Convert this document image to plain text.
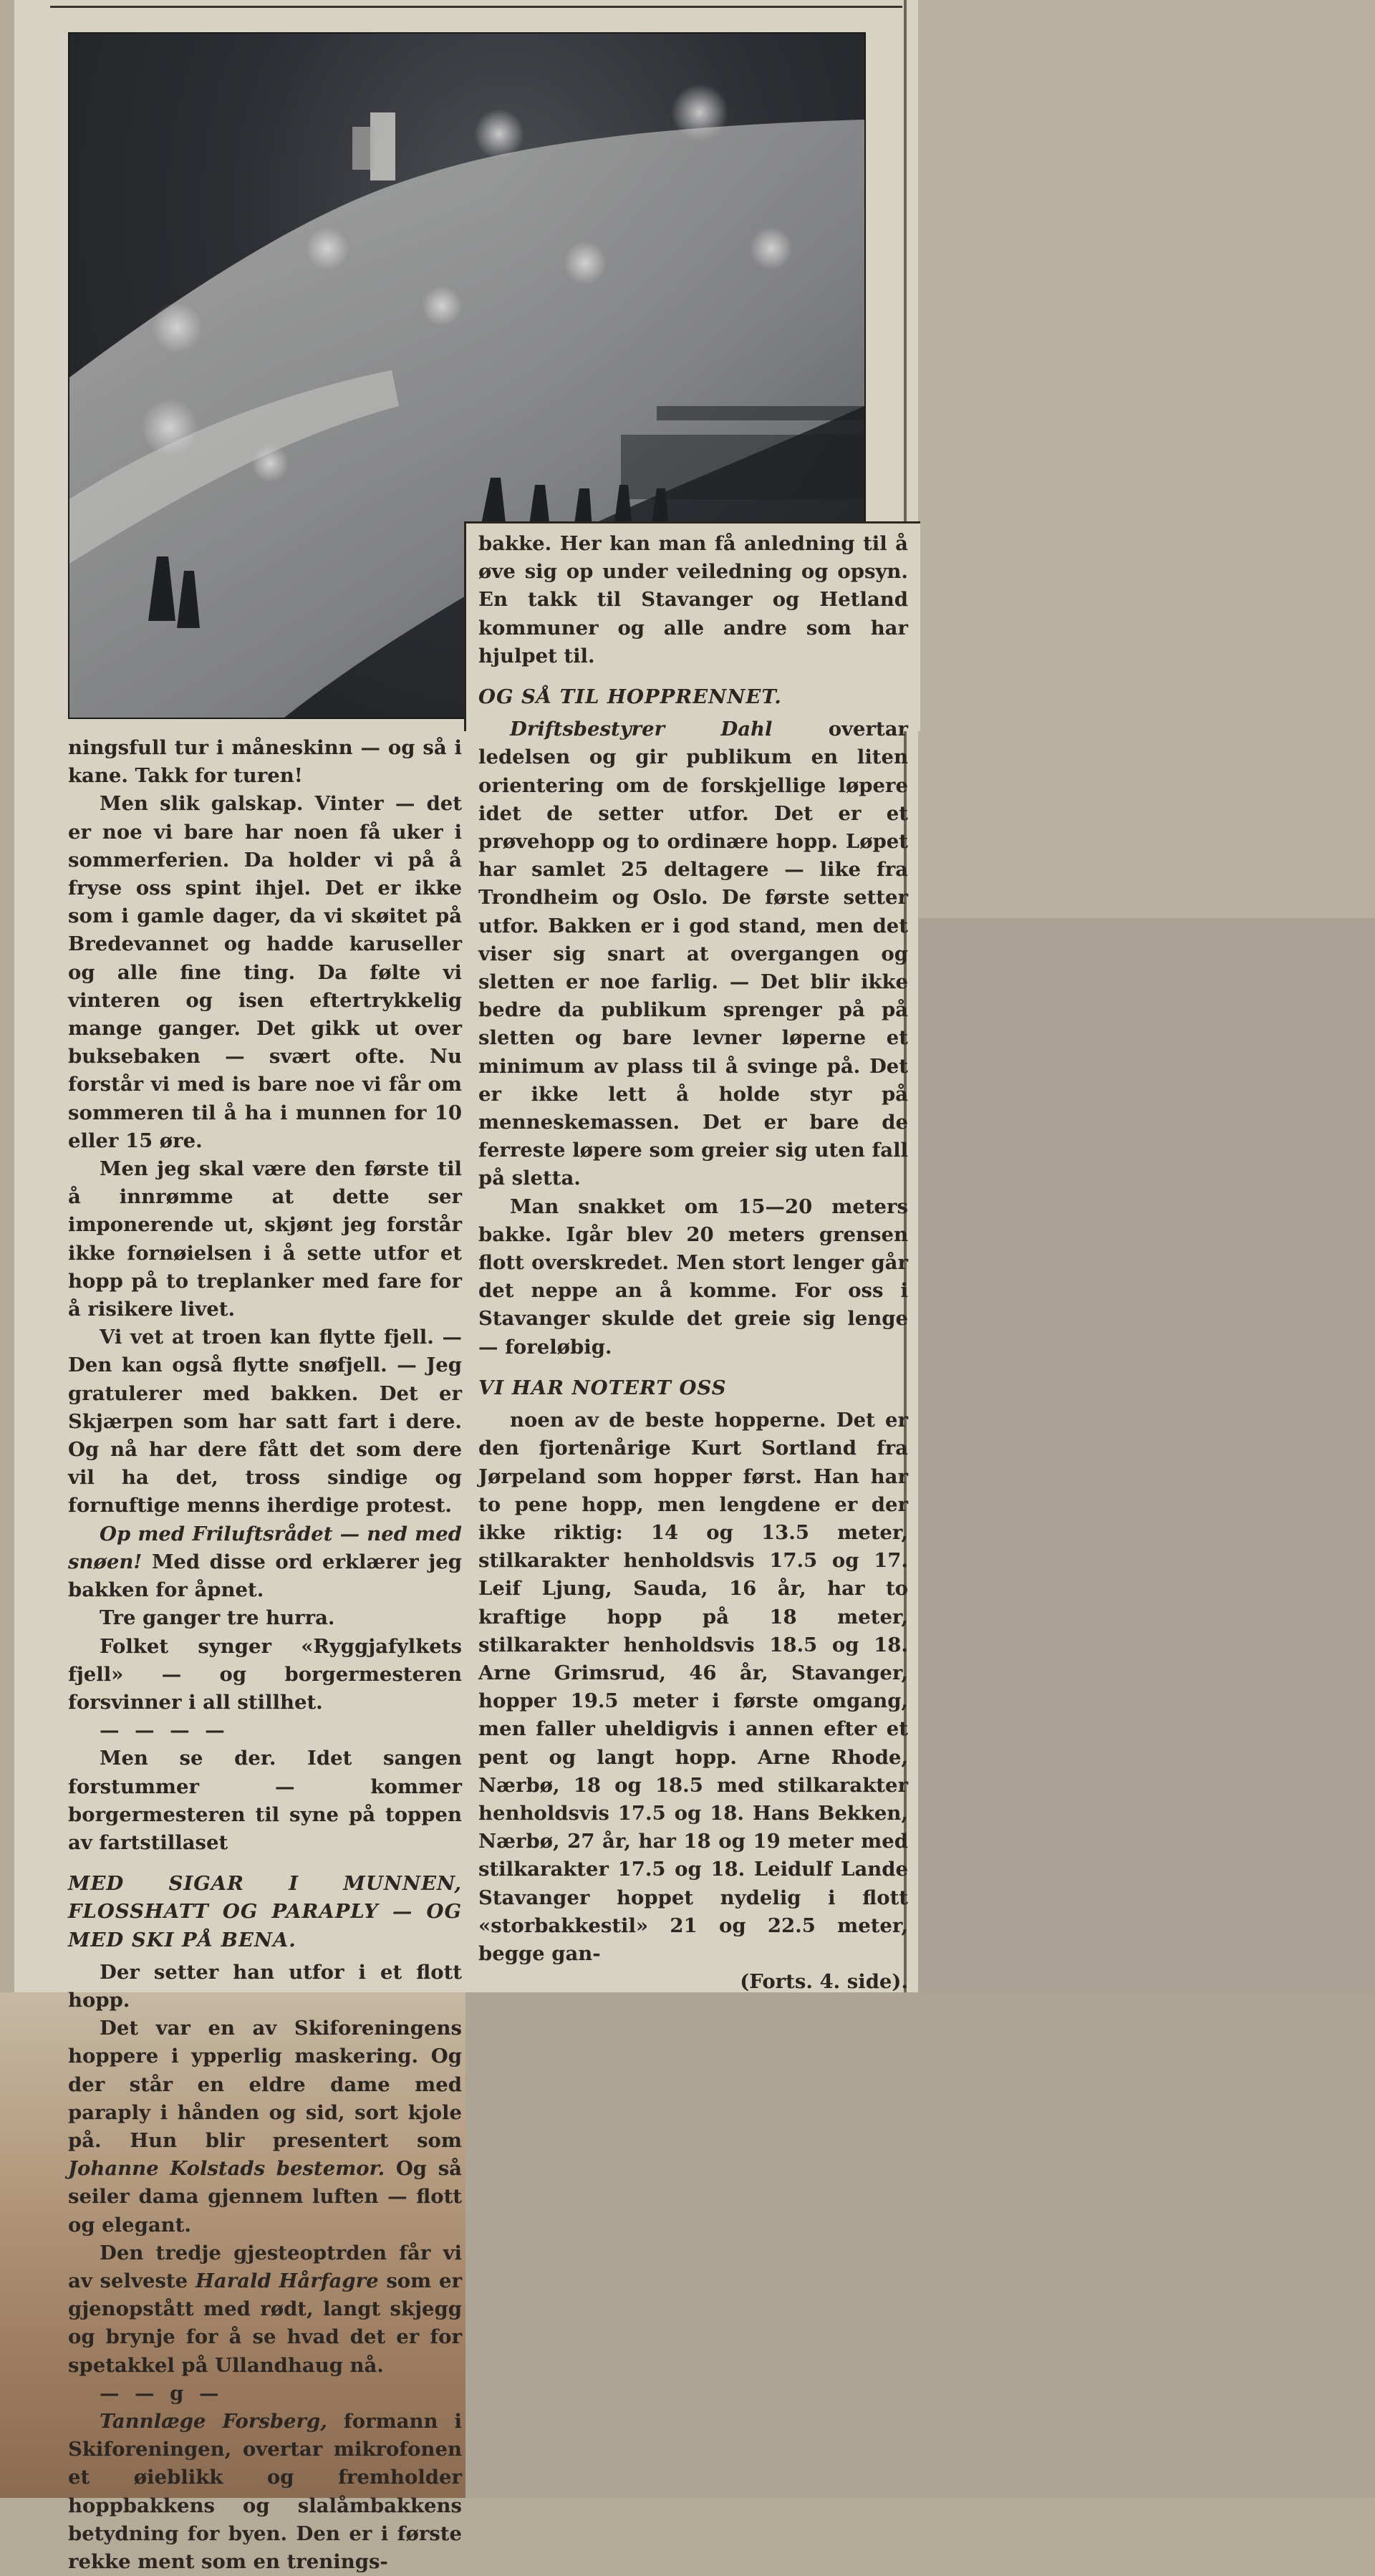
ningsfull tur i måneskinn — og så i kane. Takk for turen!

Men slik galskap. Vinter — det er noe vi bare har noen få uker i sommerferien. Da holder vi på å fryse oss spint ihjel. Det er ikke som i gamle dager, da vi skøitet på Bredevannet og hadde karuseller og alle fine ting. Da følte vi vinteren og isen eftertrykkelig mange ganger. Det gikk ut over buksebaken — svært ofte. Nu forstår vi med is bare noe vi får om sommeren til å ha i munnen for 10 eller 15 øre.

Men jeg skal være den første til å innrømme at dette ser imponerende ut, skjønt jeg forstår ikke fornøielsen i å sette utfor et hopp på to treplanker med fare for å risikere livet.

Vi vet at troen kan flytte fjell. — Den kan også flytte snøfjell. — Jeg gratulerer med bakken. Det er Skjærpen som har satt fart i dere. Og nå har dere fått det som dere vil ha det, tross sindige og fornuftige menns iherdige protest.

Op med Friluftsrådet — ned med snøen! Med disse ord erklærer jeg bakken for åpnet.

Tre ganger tre hurra.

Folket synger «Ryggjafylkets fjell» — og borgermesteren forsvinner i all stillhet.

— — — —

Men se der. Idet sangen forstummer — kommer borgermesteren til syne på toppen av fartstillaset

MED SIGAR I MUNNEN, FLOSSHATT OG PARAPLY — OG MED SKI PÅ BENA.

Der setter han utfor i et flott hopp.

Det var en av Skiforeningens hoppere i ypperlig maskering. Og der står en eldre dame med paraply i hånden og sid, sort kjole på. Hun blir presentert som Johanne Kolstads bestemor. Og så seiler dama gjennem luften — flott og elegant.

Den tredje gjesteoptrden får vi av selveste Harald Hårfagre som er gjenopstått med rødt, langt skjegg og brynje for å se hvad det er for spetakkel på Ullandhaug nå.

— — g —

Tannlæge Forsberg, formann i Skiforeningen, overtar mikrofonen et øieblikk og fremholder hoppbakkens og slalåmbakkens betydning for byen. Den er i første rekke ment som en trenings-

bakke. Her kan man få anledning til å øve sig op under veiledning og opsyn. En takk til Stavanger og Hetland kommuner og alle andre som har hjulpet til.

OG SÅ TIL HOPPRENNET.

Driftsbestyrer Dahl overtar ledelsen og gir publikum en liten orientering om de forskjellige løpere idet de setter utfor. Det er et prøvehopp og to ordinære hopp. Løpet har samlet 25 deltagere — like fra Trondheim og Oslo. De første setter utfor. Bakken er i god stand, men det viser sig snart at overgangen og sletten er noe farlig. — Det blir ikke bedre da publikum sprenger på på sletten og bare levner løperne et minimum av plass til å svinge på. Det er ikke lett å holde styr på menneskemassen. Det er bare de ferreste løpere som greier sig uten fall på sletta.

Man snakket om 15—20 meters bakke. Igår blev 20 meters grensen flott overskredet. Men stort lenger går det neppe an å komme. For oss i Stavanger skulde det greie sig lenge — foreløbig.

VI HAR NOTERT OSS

noen av de beste hopperne. Det er den fjortenårige Kurt Sortland fra Jørpeland som hopper først. Han har to pene hopp, men lengdene er der ikke riktig: 14 og 13.5 meter, stilkarakter henholdsvis 17.5 og 17. Leif Ljung, Sauda, 16 år, har to kraftige hopp på 18 meter, stilkarakter henholdsvis 18.5 og 18. Arne Grimsrud, 46 år, Stavanger, hopper 19.5 meter i første omgang, men faller uheldigvis i annen efter et pent og langt hopp. Arne Rhode, Nærbø, 18 og 18.5 med stilkarakter henholdsvis 17.5 og 18. Hans Bekken, Nærbø, 27 år, har 18 og 19 meter med stilkarakter 17.5 og 18. Leidulf Lande Stavanger hoppet nydelig i flott «storbakkestil» 21 og 22.5 meter, begge gan-

(Forts. 4. side).
